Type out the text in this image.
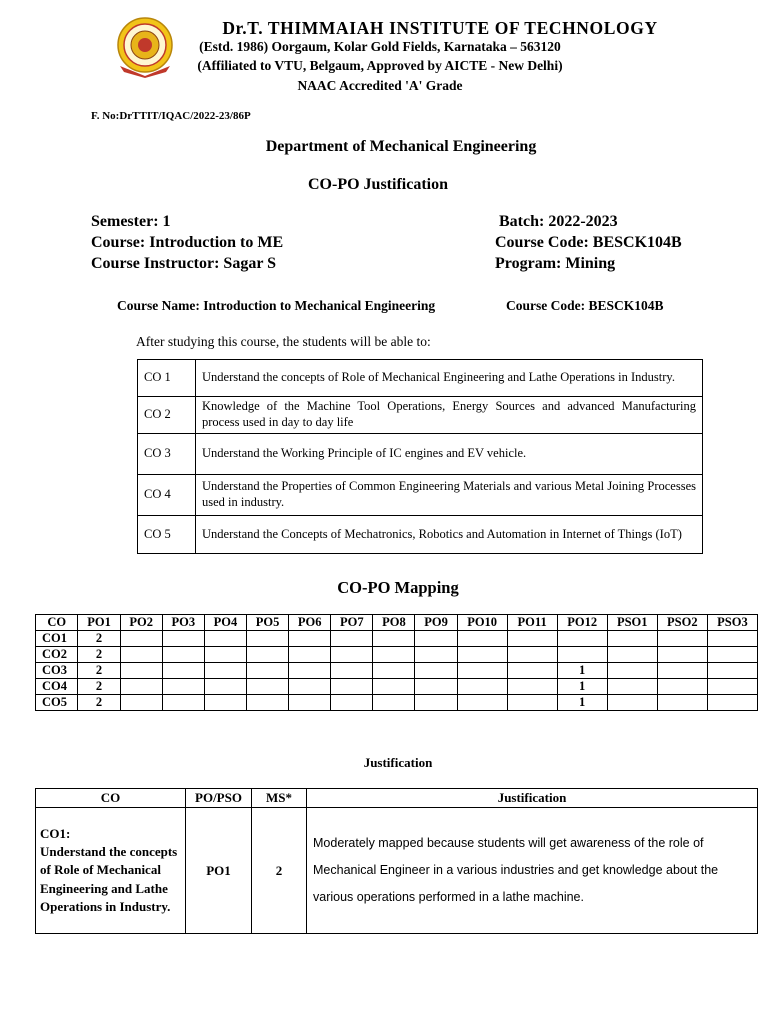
Dr.T. THIMMAIAH INSTITUTE OF TECHNOLOGY
(Estd. 1986) Oorgaum, Kolar Gold Fields, Karnataka – 563120
(Affiliated to VTU, Belgaum, Approved by AICTE - New Delhi)
NAAC Accredited 'A' Grade
F. No:DrTTIT/IQAC/2022-23/86P
Department of Mechanical Engineering
CO-PO Justification
Semester: 1
Course: Introduction to ME
Course Instructor: Sagar S
Batch: 2022-2023
Course Code: BESCK104B
Program: Mining
Course Name: Introduction to Mechanical Engineering	Course Code: BESCK104B
After studying this course, the students will be able to:
CO 1	Understand the concepts of Role of Mechanical Engineering and Lathe Operations in Industry.
CO 2	Knowledge of the Machine Tool Operations, Energy Sources and advanced Manufacturing process used in day to day life
CO 3	Understand the Working Principle of IC engines and EV vehicle.
CO 4	Understand the Properties of Common Engineering Materials and various Metal Joining Processes used in industry.
CO 5	Understand the Concepts of Mechatronics, Robotics and Automation in Internet of Things (IoT)
CO-PO Mapping
CO	PO1	PO2	PO3	PO4	PO5	PO6	PO7	PO8	PO9	PO10	PO11	PO12	PSO1	PSO2	PSO3
CO1	2														
CO2	2														
CO3	2											1			
CO4	2											1			
CO5	2											1			
Justification
CO	PO/PSO	MS*	Justification
CO1:
Understand the concepts of Role of Mechanical Engineering and Lathe Operations in Industry.	PO1	2	Moderately mapped because students will get awareness of the role of Mechanical Engineer in a various industries and get knowledge about the various operations performed in a lathe machine.
